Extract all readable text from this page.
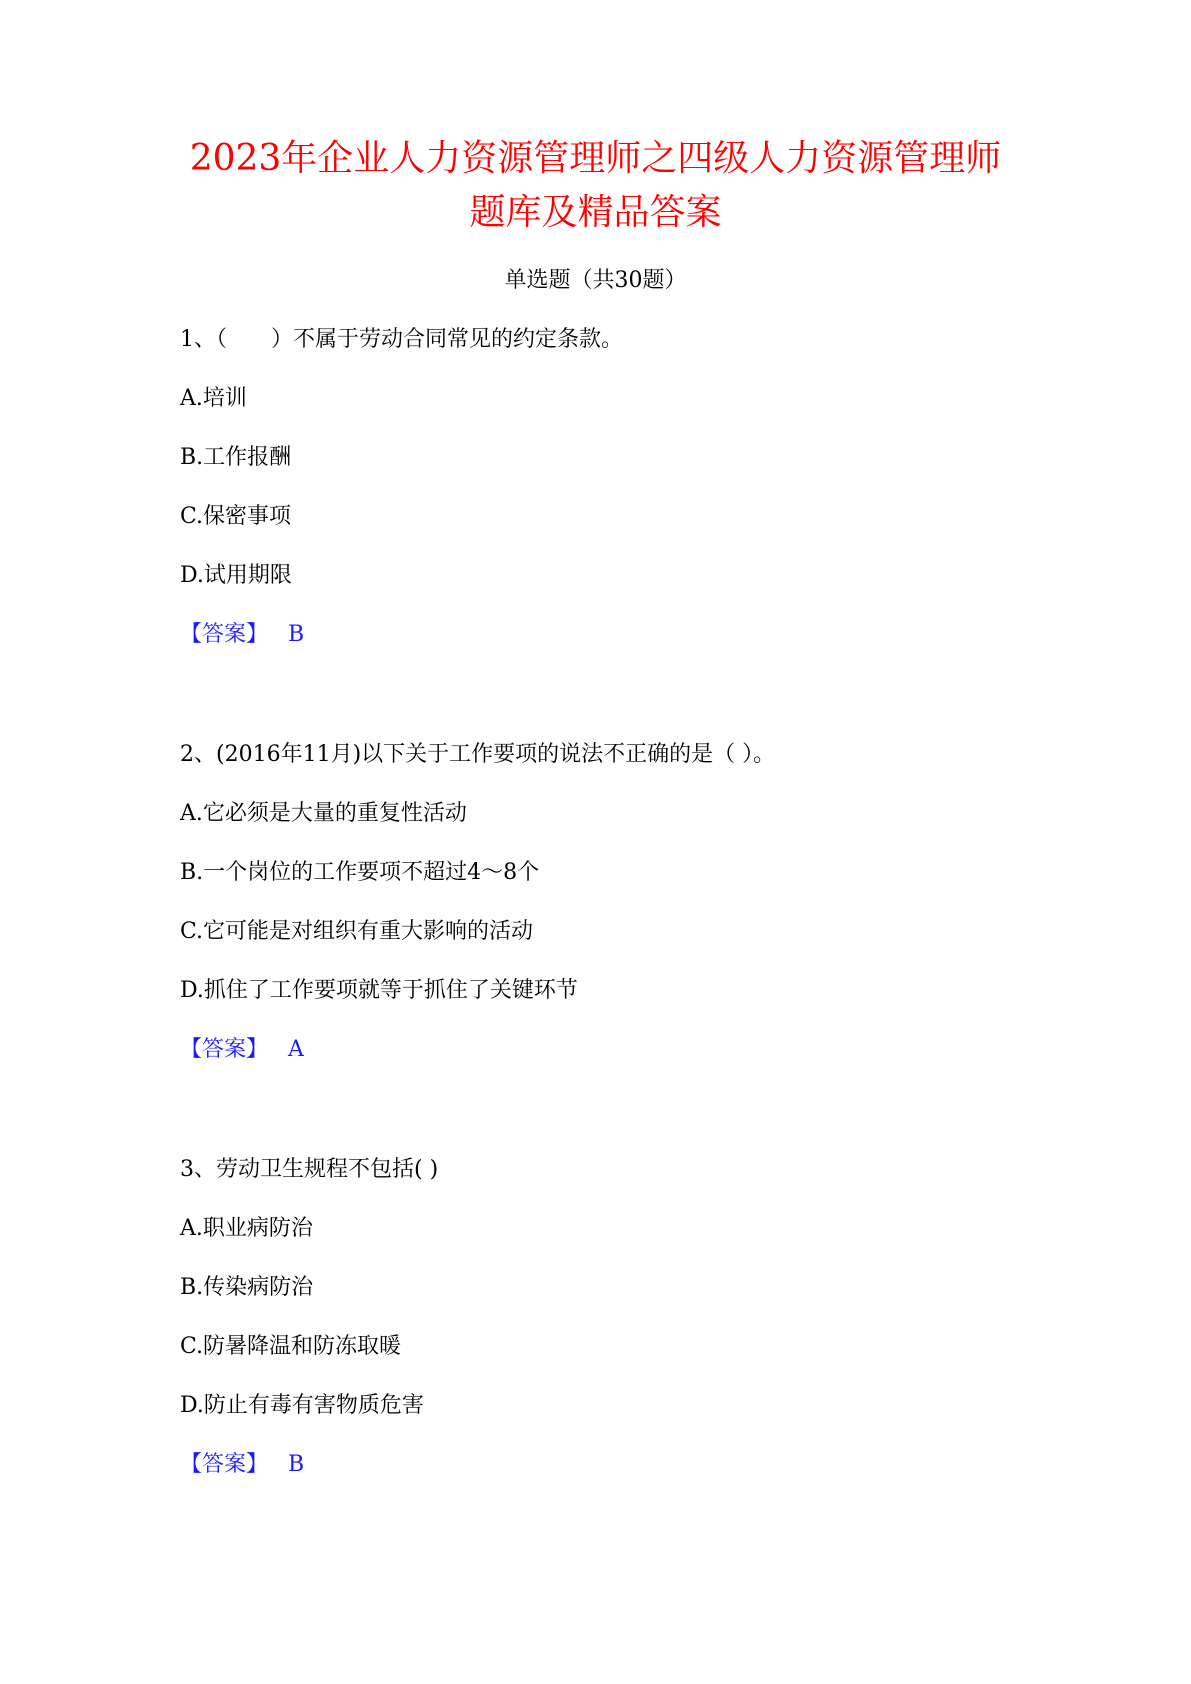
2023年企业人力资源管理师之四级人力资源管理师
题库及精品答案
单选题（共30题）
1、（　　）不属于劳动合同常见的约定条款。
A.培训
B.工作报酬
C.保密事项
D.试用期限
【答案】 B
2、(2016年11月)以下关于工作要项的说法不正确的是（ ）。
A.它必须是大量的重复性活动
B.一个岗位的工作要项不超过4～8个
C.它可能是对组织有重大影响的活动
D.抓住了工作要项就等于抓住了关键环节
【答案】 A
3、劳动卫生规程不包括( )
A.职业病防治
B.传染病防治
C.防暑降温和防冻取暖
D.防止有毒有害物质危害
【答案】 B
